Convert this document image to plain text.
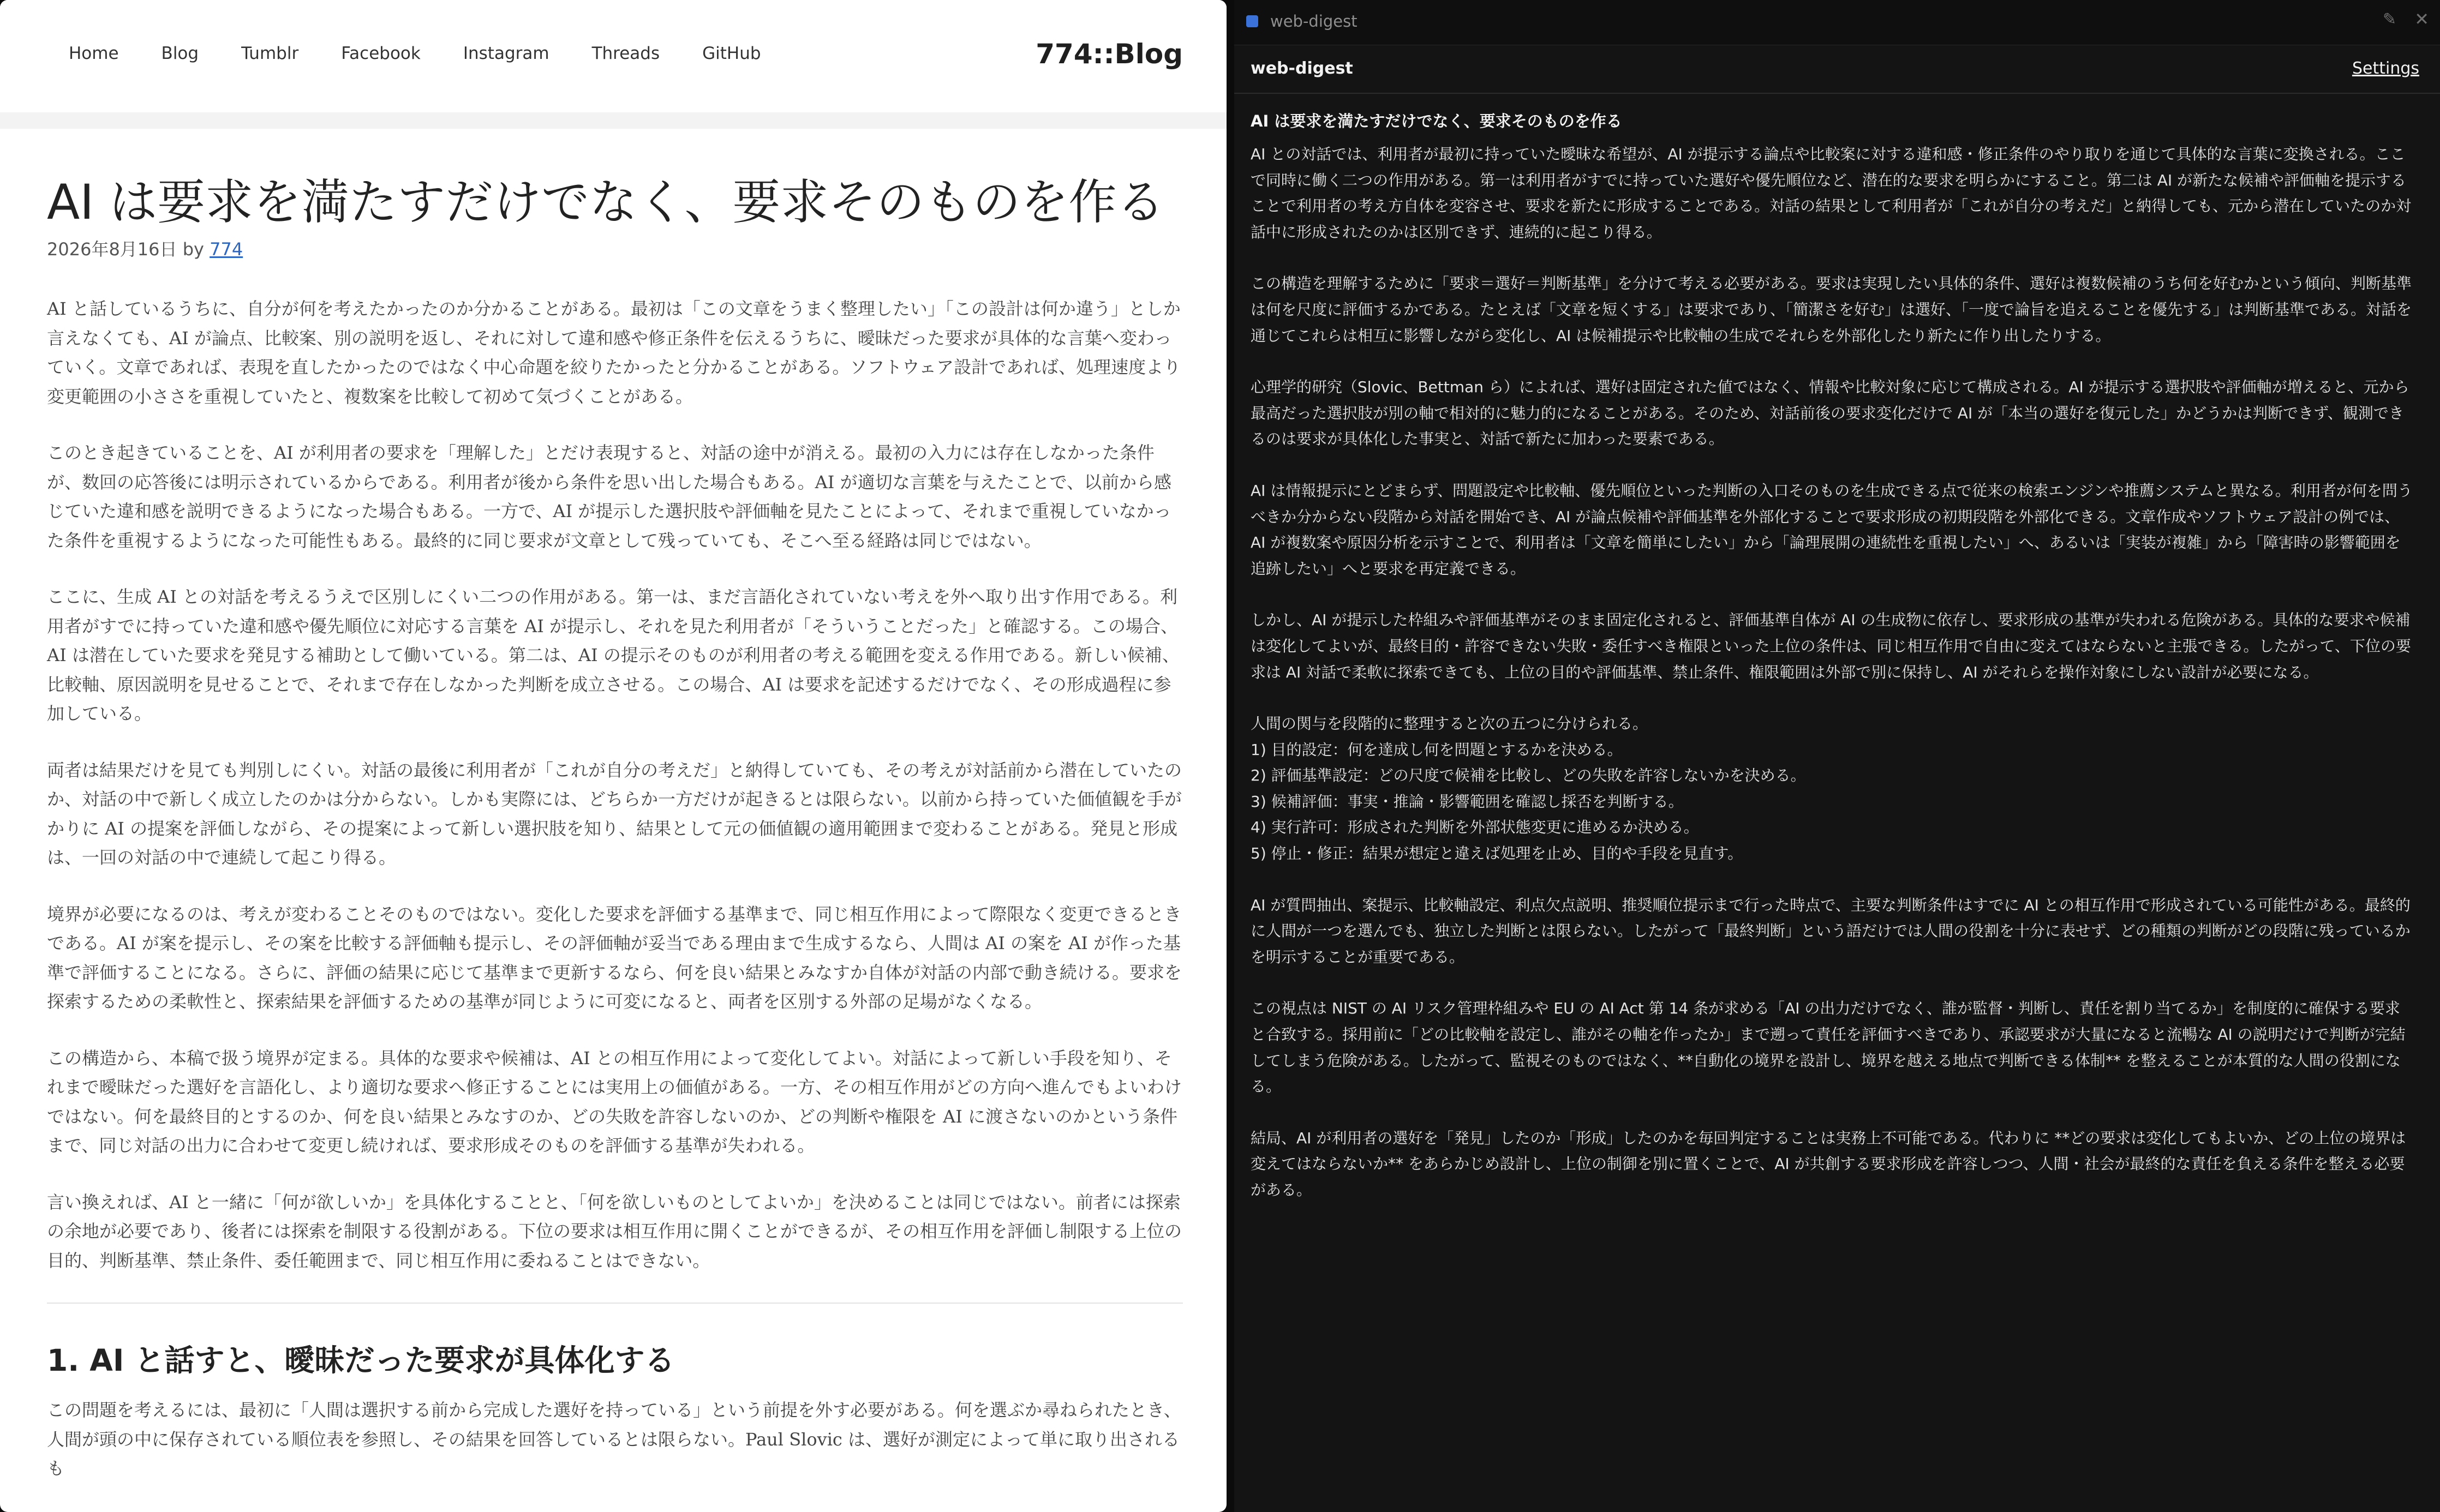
Home	Blog	Tumblr	Facebook	Instagram	Threads	GitHub	774::Blog
AI は要求を満たすだけでなく、要求そのものを作る
2026年8月16日 by 774

AI と話しているうちに、自分が何を考えたかったのか分かることがある。最初は「この文章をうまく整理したい」「この設計は何か違う」としか言えなくても、AI が論点、比較案、別の説明を返し、それに対して違和感や修正条件を伝えるうちに、曖昧だった要求が具体的な言葉へ変わっていく。文章であれば、表現を直したかったのではなく中心命題を絞りたかったと分かることがある。ソフトウェア設計であれば、処理速度より変更範囲の小ささを重視していたと、複数案を比較して初めて気づくことがある。

このとき起きていることを、AI が利用者の要求を「理解した」とだけ表現すると、対話の途中が消える。最初の入力には存在しなかった条件が、数回の応答後には明示されているからである。利用者が後から条件を思い出した場合もある。AI が適切な言葉を与えたことで、以前から感じていた違和感を説明できるようになった場合もある。一方で、AI が提示した選択肢や評価軸を見たことによって、それまで重視していなかった条件を重視するようになった可能性もある。最終的に同じ要求が文章として残っていても、そこへ至る経路は同じではない。

ここに、生成 AI との対話を考えるうえで区別しにくい二つの作用がある。第一は、まだ言語化されていない考えを外へ取り出す作用である。利用者がすでに持っていた違和感や優先順位に対応する言葉を AI が提示し、それを見た利用者が「そういうことだった」と確認する。この場合、AI は潜在していた要求を発見する補助として働いている。第二は、AI の提示そのものが利用者の考える範囲を変える作用である。新しい候補、比較軸、原因説明を見せることで、それまで存在しなかった判断を成立させる。この場合、AI は要求を記述するだけでなく、その形成過程に参加している。

両者は結果だけを見ても判別しにくい。対話の最後に利用者が「これが自分の考えだ」と納得していても、その考えが対話前から潜在していたのか、対話の中で新しく成立したのかは分からない。しかも実際には、どちらか一方だけが起きるとは限らない。以前から持っていた価値観を手がかりに AI の提案を評価しながら、その提案によって新しい選択肢を知り、結果として元の価値観の適用範囲まで変わることがある。発見と形成は、一回の対話の中で連続して起こり得る。

境界が必要になるのは、考えが変わることそのものではない。変化した要求を評価する基準まで、同じ相互作用によって際限なく変更できるときである。AI が案を提示し、その案を比較する評価軸も提示し、その評価軸が妥当である理由まで生成するなら、人間は AI の案を AI が作った基準で評価することになる。さらに、評価の結果に応じて基準まで更新するなら、何を良い結果とみなすか自体が対話の内部で動き続ける。要求を探索するための柔軟性と、探索結果を評価するための基準が同じように可変になると、両者を区別する外部の足場がなくなる。

この構造から、本稿で扱う境界が定まる。具体的な要求や候補は、AI との相互作用によって変化してよい。対話によって新しい手段を知り、それまで曖昧だった選好を言語化し、より適切な要求へ修正することには実用上の価値がある。一方、その相互作用がどの方向へ進んでもよいわけではない。何を最終目的とするのか、何を良い結果とみなすのか、どの失敗を許容しないのか、どの判断や権限を AI に渡さないのかという条件まで、同じ対話の出力に合わせて変更し続ければ、要求形成そのものを評価する基準が失われる。

言い換えれば、AI と一緒に「何が欲しいか」を具体化することと、「何を欲しいものとしてよいか」を決めることは同じではない。前者には探索の余地が必要であり、後者には探索を制限する役割がある。下位の要求は相互作用に開くことができるが、その相互作用を評価し制限する上位の目的、判断基準、禁止条件、委任範囲まで、同じ相互作用に委ねることはできない。

1. AI と話すと、曖昧だった要求が具体化する

この問題を考えるには、最初に「人間は選択する前から完成した選好を持っている」という前提を外す必要がある。何を選ぶか尋ねられたとき、人間が頭の中に保存されている順位表を参照し、その結果を回答しているとは限らない。Paul Slovic は、選好が測定によって単に取り出されるも

web-digest	✎ ✕
web-digest	Settings
AI は要求を満たすだけでなく、要求そのものを作る

AI との対話では、利用者が最初に持っていた曖昧な希望が、AI が提示する論点や比較案に対する違和感・修正条件のやり取りを通じて具体的な言葉に変換される。ここで同時に働く二つの作用がある。第一は利用者がすでに持っていた選好や優先順位など、潜在的な要求を明らかにすること。第二は AI が新たな候補や評価軸を提示することで利用者の考え方自体を変容させ、要求を新たに形成することである。対話の結果として利用者が「これが自分の考えだ」と納得しても、元から潜在していたのか対話中に形成されたのかは区別できず、連続的に起こり得る。

この構造を理解するために「要求＝選好＝判断基準」を分けて考える必要がある。要求は実現したい具体的条件、選好は複数候補のうち何を好むかという傾向、判断基準は何を尺度に評価するかである。たとえば「文章を短くする」は要求であり、「簡潔さを好む」は選好、「一度で論旨を追えることを優先する」は判断基準である。対話を通じてこれらは相互に影響しながら変化し、AI は候補提示や比較軸の生成でそれらを外部化したり新たに作り出したりする。

心理学的研究（Slovic、Bettman ら）によれば、選好は固定された値ではなく、情報や比較対象に応じて構成される。AI が提示する選択肢や評価軸が増えると、元から最高だった選択肢が別の軸で相対的に魅力的になることがある。そのため、対話前後の要求変化だけで AI が「本当の選好を復元した」かどうかは判断できず、観測できるのは要求が具体化した事実と、対話で新たに加わった要素である。

AI は情報提示にとどまらず、問題設定や比較軸、優先順位といった判断の入口そのものを生成できる点で従来の検索エンジンや推薦システムと異なる。利用者が何を問うべきか分からない段階から対話を開始でき、AI が論点候補や評価基準を外部化することで要求形成の初期段階を外部化できる。文章作成やソフトウェア設計の例では、AI が複数案や原因分析を示すことで、利用者は「文章を簡単にしたい」から「論理展開の連続性を重視したい」へ、あるいは「実装が複雑」から「障害時の影響範囲を追跡したい」へと要求を再定義できる。

しかし、AI が提示した枠組みや評価基準がそのまま固定化されると、評価基準自体が AI の生成物に依存し、要求形成の基準が失われる危険がある。具体的な要求や候補は変化してよいが、最終目的・許容できない失敗・委任すべき権限といった上位の条件は、同じ相互作用で自由に変えてはならないと主張できる。したがって、下位の要求は AI 対話で柔軟に探索できても、上位の目的や評価基準、禁止条件、権限範囲は外部で別に保持し、AI がそれらを操作対象にしない設計が必要になる。

人間の関与を段階的に整理すると次の五つに分けられる。

1) 目的設定：何を達成し何を問題とするかを決める。
2) 評価基準設定：どの尺度で候補を比較し、どの失敗を許容しないかを決める。
3) 候補評価：事実・推論・影響範囲を確認し採否を判断する。
4) 実行許可：形成された判断を外部状態変更に進めるか決める。
5) 停止・修正：結果が想定と違えば処理を止め、目的や手段を見直す。

AI が質問抽出、案提示、比較軸設定、利点欠点説明、推奨順位提示まで行った時点で、主要な判断条件はすでに AI との相互作用で形成されている可能性がある。最終的に人間が一つを選んでも、独立した判断とは限らない。したがって「最終判断」という語だけでは人間の役割を十分に表せず、どの種類の判断がどの段階に残っているかを明示することが重要である。

この視点は NIST の AI リスク管理枠組みや EU の AI Act 第 14 条が求める「AI の出力だけでなく、誰が監督・判断し、責任を割り当てるか」を制度的に確保する要求と合致する。採用前に「どの比較軸を設定し、誰がその軸を作ったか」まで遡って責任を評価すべきであり、承認要求が大量になると流暢な AI の説明だけで判断が完結してしまう危険がある。したがって、監視そのものではなく、**自動化の境界を設計し、境界を越える地点で判断できる体制** を整えることが本質的な人間の役割になる。

結局、AI が利用者の選好を「発見」したのか「形成」したのかを毎回判定することは実務上不可能である。代わりに **どの要求は変化してもよいか、どの上位の境界は変えてはならないか** をあらかじめ設計し、上位の制御を別に置くことで、AI が共創する要求形成を許容しつつ、人間・社会が最終的な責任を負える条件を整える必要がある。
